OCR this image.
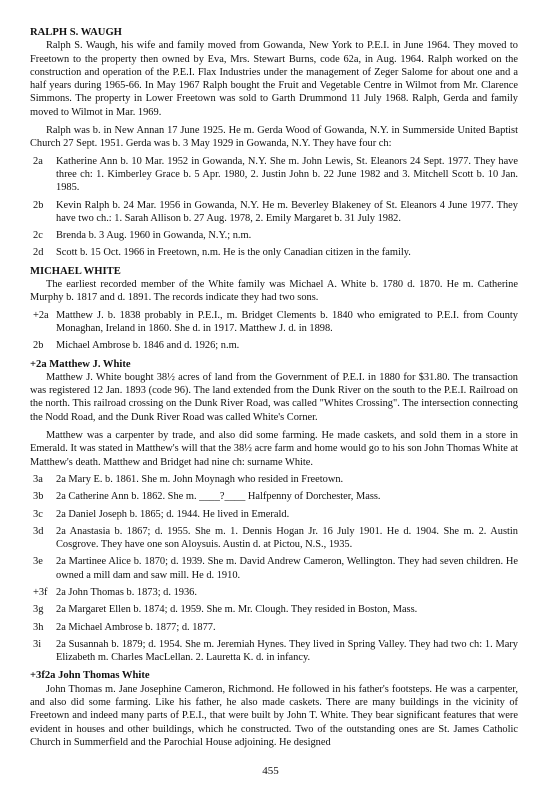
RALPH S. WAUGH

Ralph S. Waugh, his wife and family moved from Gowanda, New York to P.E.I. in June 1964. They moved to Freetown to the property then owned by Eva, Mrs. Stewart Burns, code 62a, in Aug. 1964. Ralph worked on the construction and operation of the P.E.I. Flax Industries under the management of Zeger Salome for about one and a half years during 1965-66. In May 1967 Ralph bought the Fruit and Vegetable Centre in Wilmot from Mr. Clarence Simmons. The property in Lower Freetown was sold to Garth Drummond 11 July 1968. Ralph, Gerda and family moved to Wilmot in Mar. 1969.

Ralph was b. in New Annan 17 June 1925. He m. Gerda Wood of Gowanda, N.Y. in Summerside United Baptist Church 27 Sept. 1951. Gerda was b. 3 May 1929 in Gowanda, N.Y. They have four ch:

2a	Katherine Ann b. 10 Mar. 1952 in Gowanda, N.Y. She m. John Lewis, St. Eleanors 24 Sept. 1977. They have three ch: 1. Kimberley Grace b. 5 Apr. 1980, 2. Justin John b. 22 June 1982 and 3. Mitchell Scott b. 10 Jan. 1985.
2b	Kevin Ralph b. 24 Mar. 1956 in Gowanda, N.Y. He m. Beverley Blakeney of St. Eleanors 4 June 1977. They have two ch.: 1. Sarah Allison b. 27 Aug. 1978, 2. Emily Margaret b. 31 July 1982.
2c	Brenda b. 3 Aug. 1960 in Gowanda, N.Y.; n.m.
2d	Scott b. 15 Oct. 1966 in Freetown, n.m. He is the only Canadian citizen in the family.
MICHAEL WHITE

The earliest recorded member of the White family was Michael A. White b. 1780 d. 1870. He m. Catherine Murphy b. 1817 and d. 1891. The records indicate they had two sons.

+2a Matthew J. b. 1838 probably in P.E.I., m. Bridget Clements b. 1840 who emigrated to P.E.I. from County Monaghan, Ireland in 1860. She d. in 1917. Matthew J. d. in 1898.
2b	Michael Ambrose b. 1846 and d. 1926; n.m.
+2a Matthew J. White

Matthew J. White bought 38½ acres of land from the Government of P.E.I. in 1880 for $31.80. The transaction was registered 12 Jan. 1893 (code 96). The land extended from the Dunk River on the south to the P.E.I. Railroad on the north. This railroad crossing on the Dunk River Road, was called "Whites Crossing". The intersection connecting the Nodd Road, and the Dunk River Road was called White's Corner.

Matthew was a carpenter by trade, and also did some farming. He made caskets, and sold them in a store in Emerald. It was stated in Matthew's will that the 38½ acre farm and home would go to his son John Thomas White at Matthew's death. Matthew and Bridget had nine ch: surname White.

3a	2a Mary E. b. 1861. She m. John Moynagh who resided in Freetown.
3b	2a Catherine Ann b. 1862. She m. ____?____ Halfpenny of Dorchester, Mass.
3c	2a Daniel Joseph b. 1865; d. 1944. He lived in Emerald.
3d	2a Anastasia b. 1867; d. 1955. She m. 1. Dennis Hogan Jr. 16 July 1901. He d. 1904. She m. 2. Austin Cosgrove. They have one son Aloysuis. Austin d. at Pictou, N.S., 1935.
3e	2a Martinee Alice b. 1870; d. 1939. She m. David Andrew Cameron, Wellington. They had seven children. He owned a mill dam and saw mill. He d. 1910.
+3f 2a John Thomas b. 1873; d. 1936.
3g	2a Margaret Ellen b. 1874; d. 1959. She m. Mr. Clough. They resided in Boston, Mass.
3h	2a Michael Ambrose b. 1877; d. 1877.
3i	2a Susannah b. 1879; d. 1954. She m. Jeremiah Hynes. They lived in Spring Valley. They had two ch: 1. Mary Elizabeth m. Charles MacLellan. 2. Lauretta K. d. in infancy.
+3f2a John Thomas White

John Thomas m. Jane Josephine Cameron, Richmond. He followed in his father's footsteps. He was a carpenter, and also did some farming. Like his father, he also made caskets. There are many buildings in the vicinity of Freetown and indeed many parts of P.E.I., that were built by John T. White. They bear significant features that were evident in houses and other buildings, which he constructed. Two of the outstanding ones are St. James Catholic Church in Summerfield and the Parochial House adjoining. He designed

455
